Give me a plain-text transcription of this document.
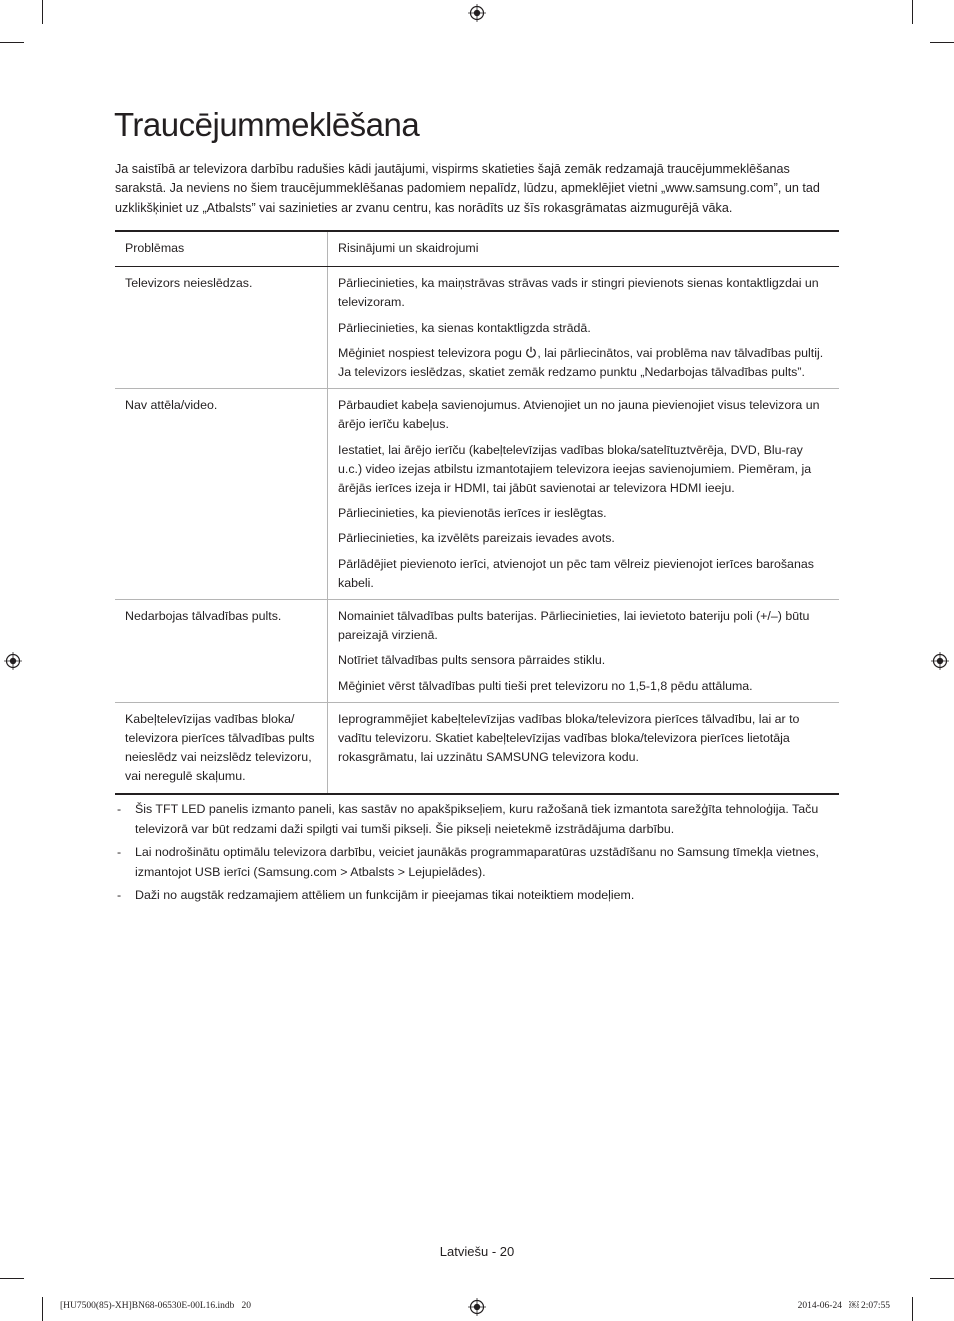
Traucējummeklēšana

Ja saistībā ar televizora darbību radušies kādi jautājumi, vispirms skatieties šajā zemāk redzamajā traucējummeklēšanas sarakstā. Ja neviens no šiem traucējummeklēšanas padomiem nepalīdz, lūdzu, apmeklējiet vietni „www.samsung.com”, un tad uzklikšķiniet uz „Atbalsts” vai sazinieties ar zvanu centru, kas norādīts uz šīs rokasgrāmatas aizmugurējā vāka.

Problēmas	Risinājumi un skaidrojumi
Televizors neieslēdzas.	Pārliecinieties, ka maiņstrāvas strāvas vads ir stingri pievienots sienas kontaktligzdai un televizoram.

Pārliecinieties, ka sienas kontaktligzda strādā.

Mēģiniet nospiest televizora pogu , lai pārliecinātos, vai problēma nav tālvadības pultij. Ja televizors ieslēdzas, skatiet zemāk redzamo punktu „Nedarbojas tālvadības pults”.

Nav attēla/video.	Pārbaudiet kabeļa savienojumus. Atvienojiet un no jauna pievienojiet visus televizora un ārējo ierīču kabeļus.

Iestatiet, lai ārējo ierīču (kabeļtelevīzijas vadības bloka/satelītuztvērēja, DVD, Blu-ray u.c.) video izejas atbilstu izmantotajiem televizora ieejas savienojumiem. Piemēram, ja ārējās ierīces izeja ir HDMI, tai jābūt savienotai ar televizora HDMI ieeju.

Pārliecinieties, ka pievienotās ierīces ir ieslēgtas.

Pārliecinieties, ka izvēlēts pareizais ievades avots.

Pārlādējiet pievienoto ierīci, atvienojot un pēc tam vēlreiz pievienojot ierīces barošanas kabeli.

Nedarbojas tālvadības pults.	Nomainiet tālvadības pults baterijas. Pārliecinieties, lai ievietoto bateriju poli (+/–) būtu pareizajā virzienā.

Notīriet tālvadības pults sensora pārraides stiklu.

Mēģiniet vērst tālvadības pulti tieši pret televizoru no 1,5-1,8 pēdu attāluma.

Kabeļtelevīzijas vadības bloka/ televizora pierīces tālvadības pults neieslēdz vai neizslēdz televizoru, vai neregulē skaļumu.	Ieprogrammējiet kabeļtelevīzijas vadības bloka/televizora pierīces tālvadību, lai ar to vadītu televizoru. Skatiet kabeļtelevīzijas vadības bloka/televizora pierīces lietotāja rokasgrāmatu, lai uzzinātu SAMSUNG televizora kodu.

- Šis TFT LED panelis izmanto paneli, kas sastāv no apakšpikseļiem, kuru ražošanā tiek izmantota sarežģīta tehnoloģija. Taču televizorā var būt redzami daži spilgti vai tumši pikseļi. Šie pikseļi neietekmē izstrādājuma darbību.
- Lai nodrošinātu optimālu televizora darbību, veiciet jaunākās programmaparatūras uzstādīšanu no Samsung tīmekļa vietnes, izmantojot USB ierīci (Samsung.com > Atbalsts > Lejupielādes).
- Daži no augstāk redzamajiem attēliem un funkcijām ir pieejamas tikai noteiktiem modeļiem.
Latviešu - 20
[HU7500(85)-XH]BN68-06530E-00L16.indb   20	2014-06-24   ￼ 2:07:55
